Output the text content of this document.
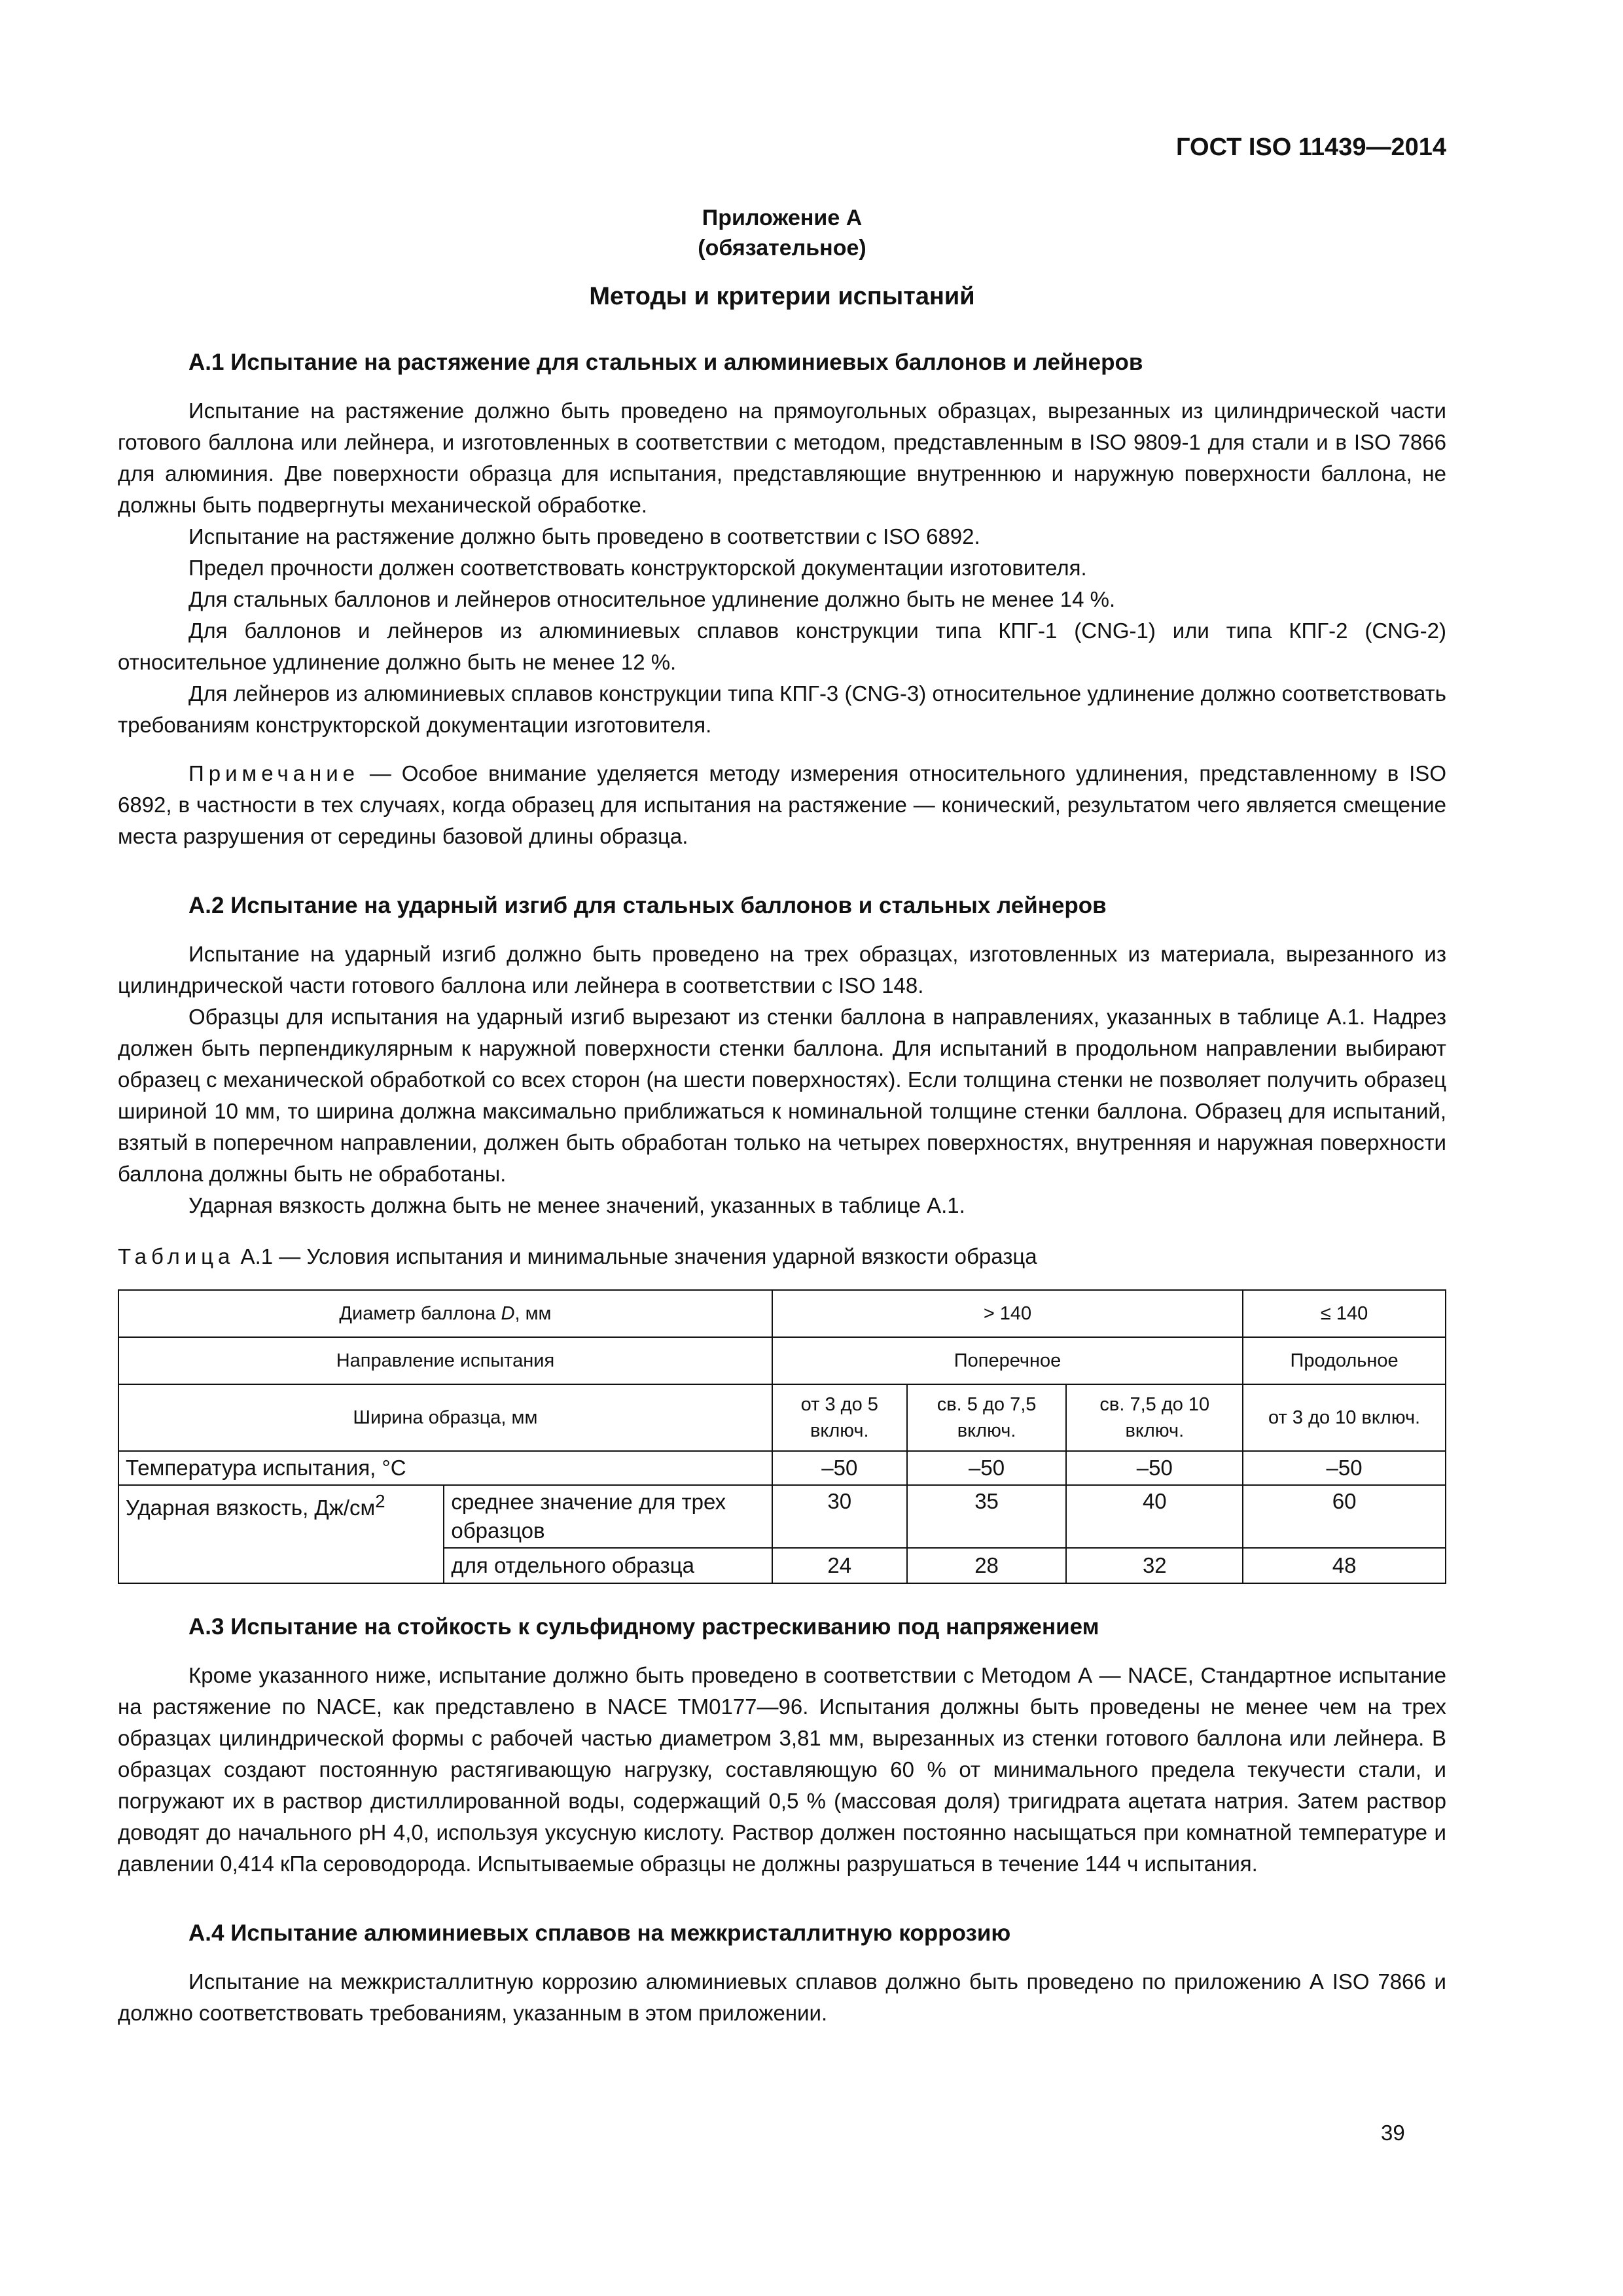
ГОСТ ISO 11439—2014
Приложение А
(обязательное)
Методы и критерии испытаний
А.1 Испытание на растяжение для стальных и алюминиевых баллонов и лейнеров

Испытание на растяжение должно быть проведено на прямоугольных образцах, вырезанных из цилиндрической части готового баллона или лейнера, и изготовленных в соответствии с методом, представленным в ISO 9809-1 для стали и в ISO 7866 для алюминия. Две поверхности образца для испытания, представляющие внутреннюю и наружную поверхности баллона, не должны быть подвергнуты механической обработке.

Испытание на растяжение должно быть проведено в соответствии с ISO 6892.

Предел прочности должен соответствовать конструкторской документации изготовителя.

Для стальных баллонов и лейнеров относительное удлинение должно быть не менее 14 %.

Для баллонов и лейнеров из алюминиевых сплавов конструкции типа КПГ-1 (CNG-1) или типа КПГ-2 (CNG-2) относительное удлинение должно быть не менее 12 %.

Для лейнеров из алюминиевых сплавов конструкции типа КПГ-3 (CNG-3) относительное удлинение должно соответствовать требованиям конструкторской документации изготовителя.

Примечание — Особое внимание уделяется методу измерения относительного удлинения, представленному в ISO 6892, в частности в тех случаях, когда образец для испытания на растяжение — конический, результатом чего является смещение места разрушения от середины базовой длины образца.

А.2 Испытание на ударный изгиб для стальных баллонов и стальных лейнеров

Испытание на ударный изгиб должно быть проведено на трех образцах, изготовленных из материала, вырезанного из цилиндрической части готового баллона или лейнера в соответствии с ISO 148.

Образцы для испытания на ударный изгиб вырезают из стенки баллона в направлениях, указанных в таблице А.1. Надрез должен быть перпендикулярным к наружной поверхности стенки баллона. Для испытаний в продольном направлении выбирают образец с механической обработкой со всех сторон (на шести поверхностях). Если толщина стенки не позволяет получить образец шириной 10 мм, то ширина должна максимально приближаться к номинальной толщине стенки баллона. Образец для испытаний, взятый в поперечном направлении, должен быть обработан только на четырех поверхностях, внутренняя и наружная поверхности баллона должны быть не обработаны.

Ударная вязкость должна быть не менее значений, указанных в таблице А.1.

Таблица А.1 — Условия испытания и минимальные значения ударной вязкости образца
Диаметр баллона D, мм		> 140			≤ 140
Направление испытания		Поперечное			Продольное
Ширина образца, мм		от 3 до 5 включ.	св. 5 до 7,5 включ.	св. 7,5 до 10 включ.	от 3 до 10 включ.
Температура испытания, °С		–50	–50	–50	–50
Ударная вязкость, $Дж/см^2$	среднее значение для трех образцов	30	35	40	60
	для отдельного образца	24	28	32	48
А.3 Испытание на стойкость к сульфидному растрескиванию под напряжением

Кроме указанного ниже, испытание должно быть проведено в соответствии с Методом А — NACE, Стандартное испытание на растяжение по NACE, как представлено в NACE TM0177—96. Испытания должны быть проведены не менее чем на трех образцах цилиндрической формы с рабочей частью диаметром 3,81 мм, вырезанных из стенки готового баллона или лейнера. В образцах создают постоянную растягивающую нагрузку, составляющую 60 % от минимального предела текучести стали, и погружают их в раствор дистиллированной воды, содержащий 0,5 % (массовая доля) тригидрата ацетата натрия. Затем раствор доводят до начального pH 4,0, используя уксусную кислоту. Раствор должен постоянно насыщаться при комнатной температуре и давлении 0,414 кПа сероводорода. Испытываемые образцы не должны разрушаться в течение 144 ч испытания.

А.4 Испытание алюминиевых сплавов на межкристаллитную коррозию

Испытание на межкристаллитную коррозию алюминиевых сплавов должно быть проведено по приложению А ISO 7866 и должно соответствовать требованиям, указанным в этом приложении.

39
